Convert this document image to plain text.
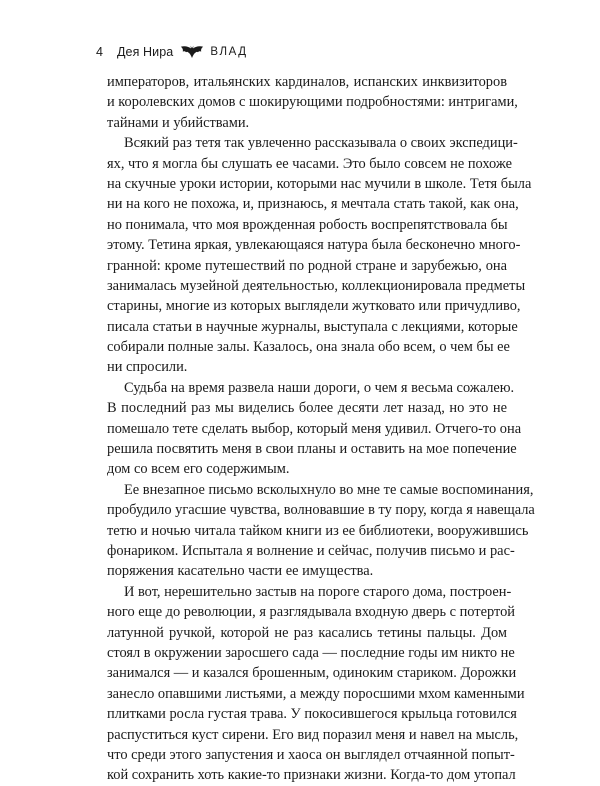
4 Дея Нира	ВЛАД
императоров, итальянских кардиналов, испанских инквизиторов
и королевских домов с шокирующими подробностями: интригами,
тайнами и убийствами.
Всякий раз тетя так увлеченно рассказывала о своих экспедици-
ях, что я могла бы слушать ее часами. Это было совсем не похоже
на скучные уроки истории, которыми нас мучили в школе. Тетя была
ни на кого не похожа, и, признаюсь, я мечтала стать такой, как она,
но понимала, что моя врожденная робость воспрепятствовала бы
этому. Тетина яркая, увлекающаяся натура была бесконечно много-
гранной: кроме путешествий по родной стране и зарубежью, она
занималась музейной деятельностью, коллекционировала предметы
старины, многие из которых выглядели жутковато или причудливо,
писала статьи в научные журналы, выступала с лекциями, которые
собирали полные залы. Казалось, она знала обо всем, о чем бы ее
ни спросили.
Судьба на время развела наши дороги, о чем я весьма сожалею.
В последний раз мы виделись более десяти лет назад, но это не
помешало тете сделать выбор, который меня удивил. Отчего-то она
решила посвятить меня в свои планы и оставить на мое попечение
дом со всем его содержимым.
Ее внезапное письмо всколыхнуло во мне те самые воспоминания,
пробудило угасшие чувства, волновавшие в ту пору, когда я навещала
тетю и ночью читала тайком книги из ее библиотеки, вооружившись
фонариком. Испытала я волнение и сейчас, получив письмо и рас-
поряжения касательно части ее имущества.
И вот, нерешительно застыв на пороге старого дома, построен-
ного еще до революции, я разглядывала входную дверь с потертой
латунной ручкой, которой не раз касались тетины пальцы. Дом
стоял в окружении заросшего сада — последние годы им никто не
занимался — и казался брошенным, одиноким стариком. Дорожки
занесло опавшими листьями, а между поросшими мхом каменными
плитками росла густая трава. У покосившегося крыльца готовился
распуститься куст сирени. Его вид поразил меня и навел на мысль,
что среди этого запустения и хаоса он выглядел отчаянной попыт-
кой сохранить хоть какие-то признаки жизни. Когда-то дом утопал
